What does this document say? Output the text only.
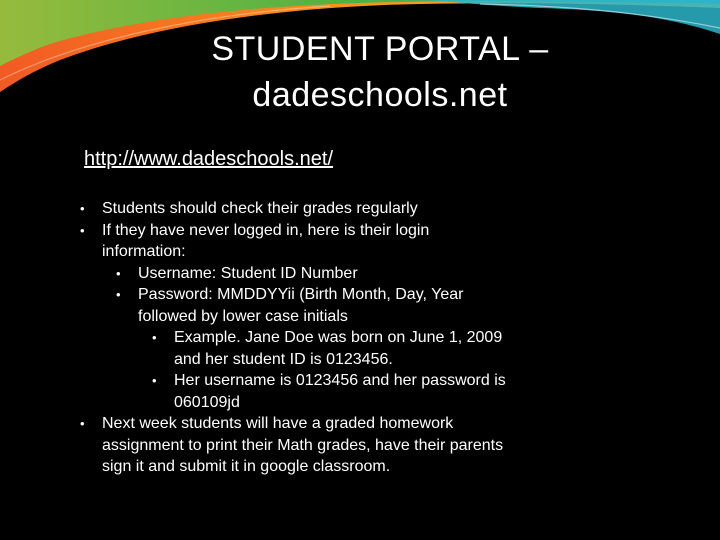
STUDENT PORTAL –
dadeschools.net
http://www.dadeschools.net/
• Students should check their grades regularly
• If they have never logged in, here is their login
information:
• Username: Student ID Number
• Password: MMDDYYii (Birth Month, Day, Year
followed by lower case initials
• Example. Jane Doe was born on June 1, 2009
and her student ID is 0123456.
• Her username is 0123456 and her password is
060109jd
• Next week students will have a graded homework
assignment to print their Math grades, have their parents
sign it and submit it in google classroom.
